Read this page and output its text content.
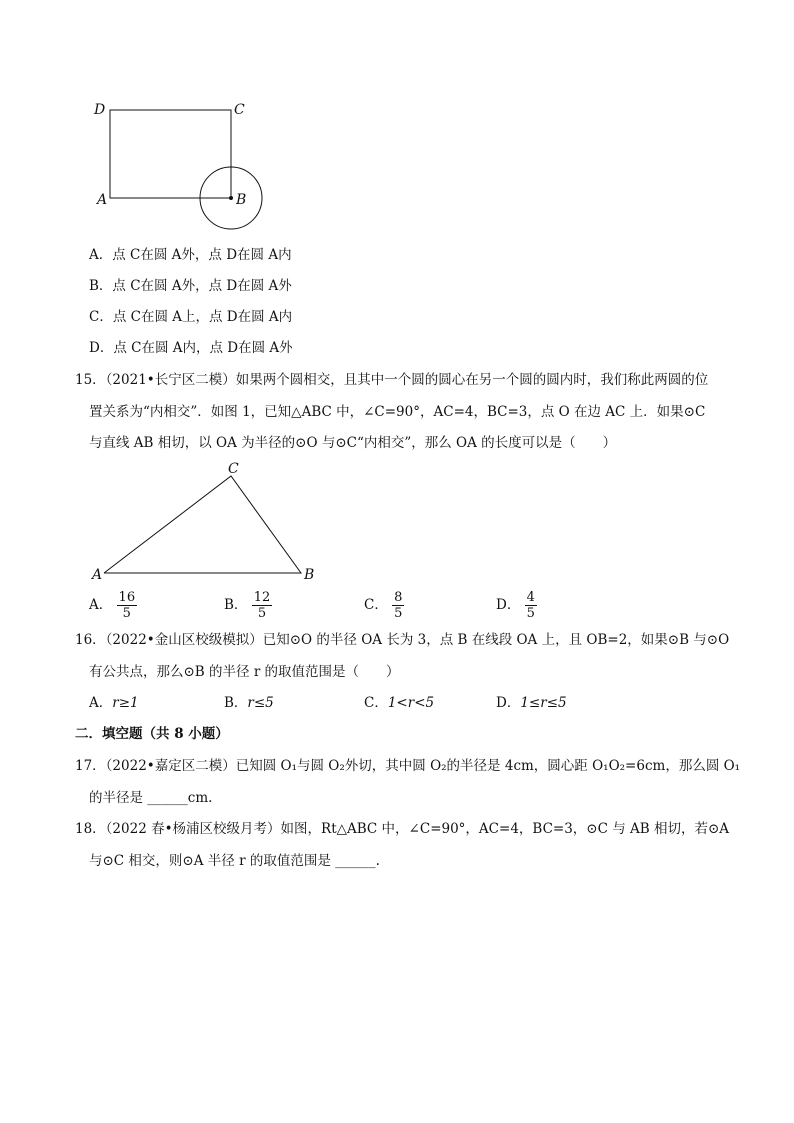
D	C
A	B
A．点 C在圆 A外，点 D在圆 A内
B．点 C在圆 A外，点 D在圆 A外
C．点 C在圆 A上，点 D在圆 A内
D．点 C在圆 A内，点 D在圆 A外
15．（2021•长宁区二模）如果两个圆相交，且其中一个圆的圆心在另一个圆的圆内时，我们称此两圆的位
置关系为“内相交”．如图 1，已知△ABC 中，∠C=90°，AC=4，BC=3，点 O 在边 AC 上．如果⊙C
与直线 AB 相切，以 OA 为半径的⊙O 与⊙C“内相交”，那么 OA 的长度可以是（　　）
C
A	B
A． $\frac{16}{5}$	B． $\frac{12}{5}$	C． $\frac{8}{5}$	D． $\frac{4}{5}$
16．（2022•金山区校级模拟）已知⊙O 的半径 OA 长为 3，点 B 在线段 OA 上，且 OB=2，如果⊙B 与⊙O
有公共点，那么⊙B 的半径 r 的取值范围是（　　）
A．r≥1	B．r≤5	C．1<r<5	D．1≤r≤5
二．填空题（共 8 小题）
17．（2022•嘉定区二模）已知圆 O₁与圆 O₂外切，其中圆 O₂的半径是 4cm，圆心距 O₁O₂=6cm，那么圆 O₁
的半径是 ______cm.
18．（2022 春•杨浦区校级月考）如图，Rt△ABC 中，∠C=90°，AC=4，BC=3，⊙C 与 AB 相切，若⊙A
与⊙C 相交，则⊙A 半径 r 的取值范围是 ______.
